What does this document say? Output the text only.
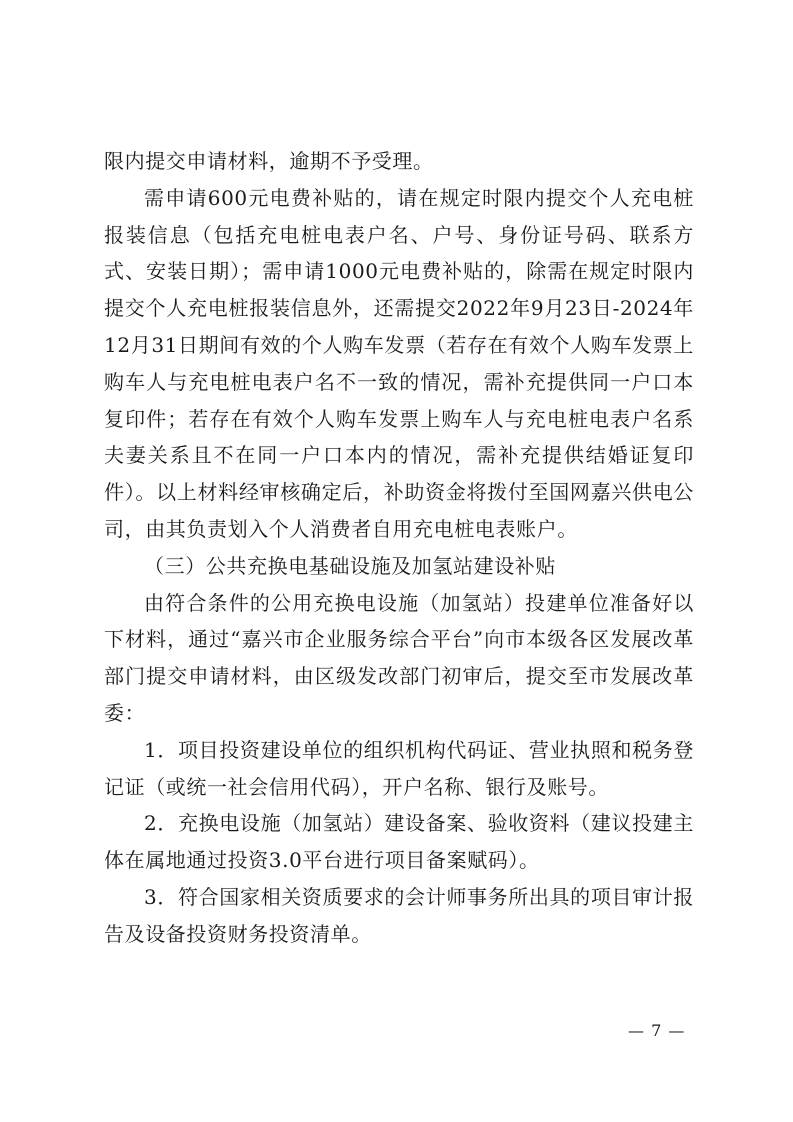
限内提交申请材料，逾期不予受理。

需申请600元电费补贴的，请在规定时限内提交个人充电桩报装信息（包括充电桩电表户名、户号、身份证号码、联系方式、安装日期）；需申请1000元电费补贴的，除需在规定时限内提交个人充电桩报装信息外，还需提交2022年9月23日-2024年12月31日期间有效的个人购车发票（若存在有效个人购车发票上购车人与充电桩电表户名不一致的情况，需补充提供同一户口本复印件；若存在有效个人购车发票上购车人与充电桩电表户名系夫妻关系且不在同一户口本内的情况，需补充提供结婚证复印件）。以上材料经审核确定后，补助资金将拨付至国网嘉兴供电公司，由其负责划入个人消费者自用充电桩电表账户。

（三）公共充换电基础设施及加氢站建设补贴

由符合条件的公用充换电设施（加氢站）投建单位准备好以下材料，通过“嘉兴市企业服务综合平台”向市本级各区发展改革部门提交申请材料，由区级发改部门初审后，提交至市发展改革委：

1．项目投资建设单位的组织机构代码证、营业执照和税务登记证（或统一社会信用代码），开户名称、银行及账号。

2．充换电设施（加氢站）建设备案、验收资料（建议投建主体在属地通过投资3.0平台进行项目备案赋码）。

3．符合国家相关资质要求的会计师事务所出具的项目审计报告及设备投资财务投资清单。

— 7 —
